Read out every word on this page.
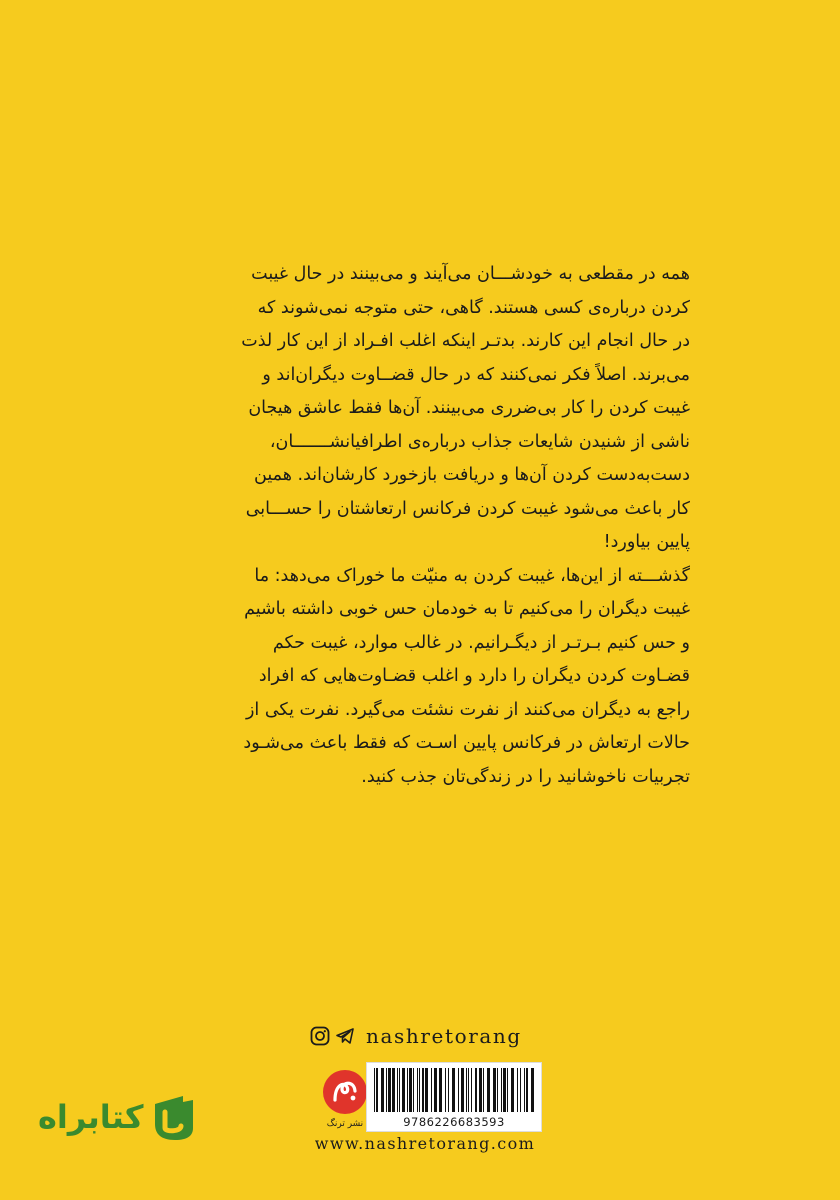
همه در مقطعی به خودشـــان می‌آیند و می‌بینند در حال غیبت

کردن درباره‌ی کسی هستند. گاهی، حتی متوجه نمی‌شوند که

در حال انجام این کارند. بدتـر اینکه اغلب افـراد از این کار لذت

می‌برند. اصلاً فکر نمی‌کنند که در حال قضــاوت دیگران‌اند و

غیبت کردن را کار بی‌ضرری می‌بینند. آن‌ها فقط عاشق هیجان

ناشی از شنیدن شایعات جذاب درباره‌ی اطرافیانشـــــــان،

دست‌به‌دست کردن آن‌ها و دریافت بازخورد کارشان‌اند. همین

کار باعث می‌شود غیبت کردن فرکانس ارتعاشتان را حســـابی

پایین بیاورد!

گذشـــته از این‌ها، غیبت کردن به منیّت ما خوراک می‌دهد: ما

غیبت دیگران را می‌کنیم تا به خودمان حس خوبی داشته باشیم

و حس کنیم بـرتـر از دیگـرانیم. در غالب موارد، غیبت حکم

قضـاوت کردن دیگران را دارد و اغلب قضـاوت‌هایی که افراد

راجع به دیگران می‌کنند از نفرت نشئت می‌گیرد. نفرت یکی از

حالات ارتعاش در فرکانس پایین اسـت که فقط باعث می‌شـود

تجربیات ناخوشانید را در زندگی‌تان جذب کنید.

nashretorang
نشر ترنگ	9786226683593
www.nashretorang.com
کتابراه
